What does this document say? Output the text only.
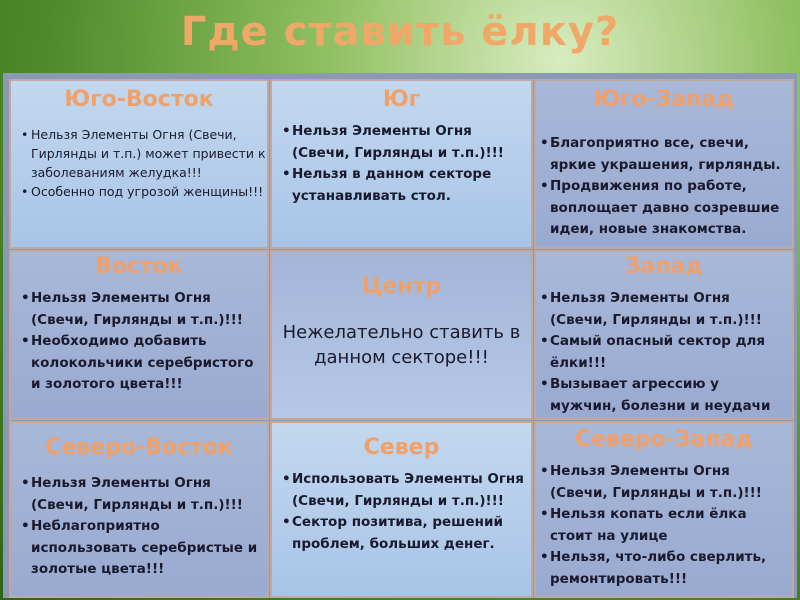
Где ставить ёлку?
Юго-Восток
• Нельзя Элементы Огня (Свечи, Гирлянды и т.п.) может привести к заболеваниям желудка!!!
• Особенно под угрозой женщины!!!
Юг
• Нельзя Элементы Огня (Свечи, Гирлянды и т.п.)!!!
• Нельзя в данном секторе устанавливать стол.
Юго-Запад
• Благоприятно все, свечи, яркие украшения, гирлянды.
• Продвижения по работе, воплощает давно созревшие идеи, новые знакомства.
Восток
• Нельзя Элементы Огня (Свечи, Гирлянды и т.п.)!!!
• Необходимо добавить колокольчики серебристого и золотого цвета!!!
Центр
Нежелательно ставить в данном секторе!!!
Запад
• Нельзя Элементы Огня (Свечи, Гирлянды и т.п.)!!!
• Самый опасный сектор для ёлки!!!
• Вызывает агрессию у мужчин, болезни и неудачи
Северо-Восток
• Нельзя Элементы Огня (Свечи, Гирлянды и т.п.)!!!
• Неблагоприятно использовать серебристые и золотые цвета!!!
Север
• Использовать Элементы Огня (Свечи, Гирлянды и т.п.)!!!
• Сектор позитива, решений проблем, больших денег.
Северо-Запад
• Нельзя Элементы Огня (Свечи, Гирлянды и т.п.)!!!
• Нельзя копать если ёлка стоит на улице
• Нельзя, что-либо сверлить, ремонтировать!!!
